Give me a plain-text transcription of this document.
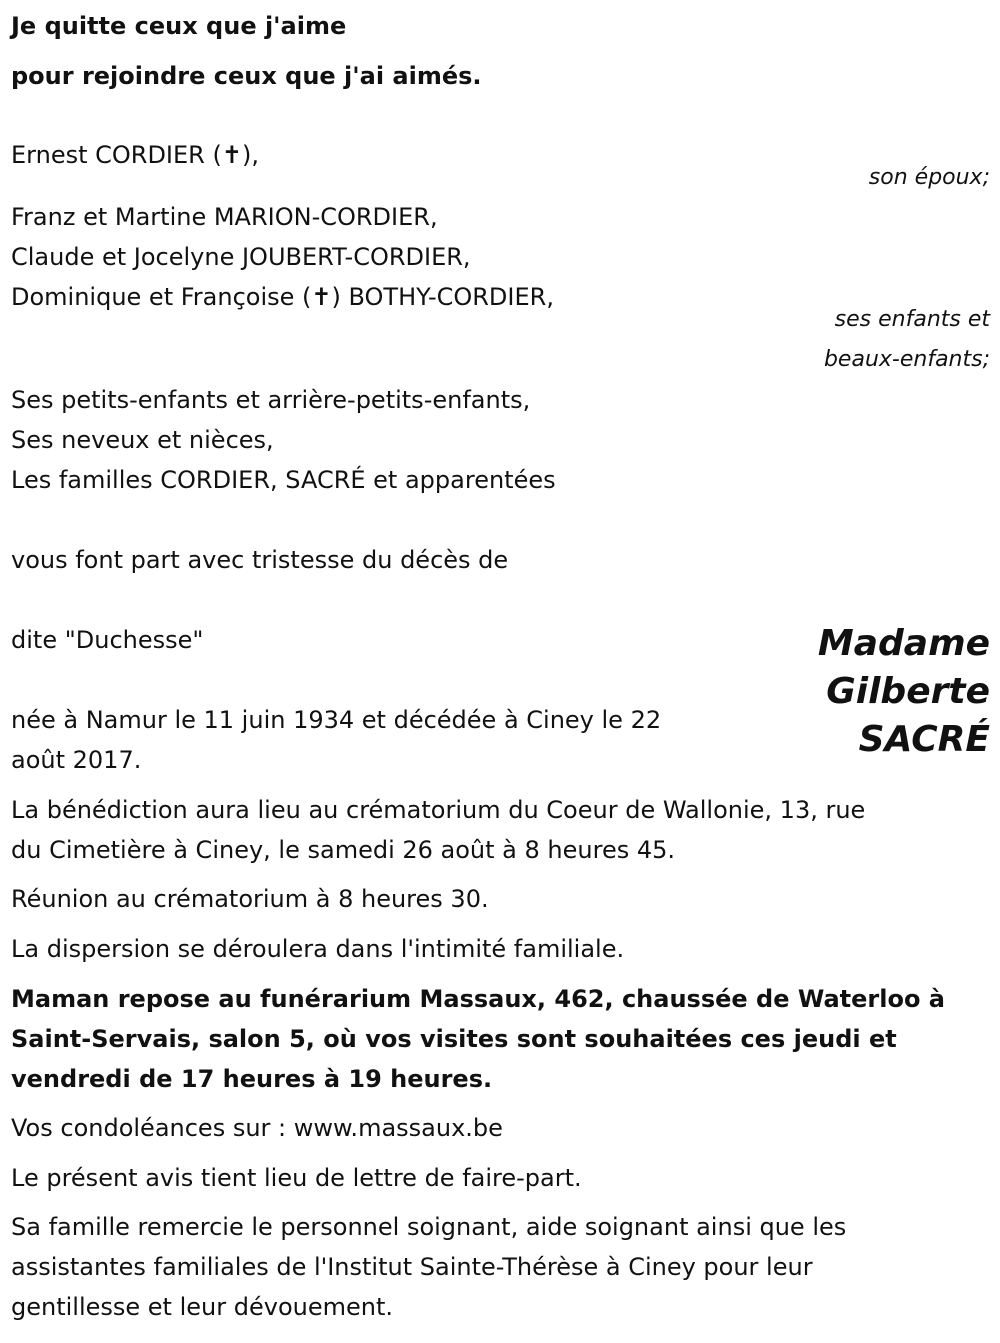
Je quitte ceux que j'aime

pour rejoindre ceux que j'ai aimés.

Ernest CORDIER (✝),

son époux;

Franz et Martine MARION-CORDIER,

Claude et Jocelyne JOUBERT-CORDIER,

Dominique et Françoise (✝) BOTHY-CORDIER,

ses enfants et
beaux-enfants;

Ses petits-enfants et arrière-petits-enfants,

Ses neveux et nièces,

Les familles CORDIER, SACRÉ et apparentées

vous font part avec tristesse du décès de

dite "Duchesse"	Madame
Gilberte
SACRÉ

née à Namur le 11 juin 1934 et décédée à Ciney le 22

août 2017.

La bénédiction aura lieu au crématorium du Coeur de Wallonie, 13, rue

du Cimetière à Ciney, le samedi 26 août à 8 heures 45.

Réunion au crématorium à 8 heures 30.

La dispersion se déroulera dans l'intimité familiale.

Maman repose au funérarium Massaux, 462, chaussée de Waterloo à

Saint-Servais, salon 5, où vos visites sont souhaitées ces jeudi et

vendredi de 17 heures à 19 heures.

Vos condoléances sur : www.massaux.be

Le présent avis tient lieu de lettre de faire-part.

Sa famille remercie le personnel soignant, aide soignant ainsi que les

assistantes familiales de l'Institut Sainte-Thérèse à Ciney pour leur

gentillesse et leur dévouement.
